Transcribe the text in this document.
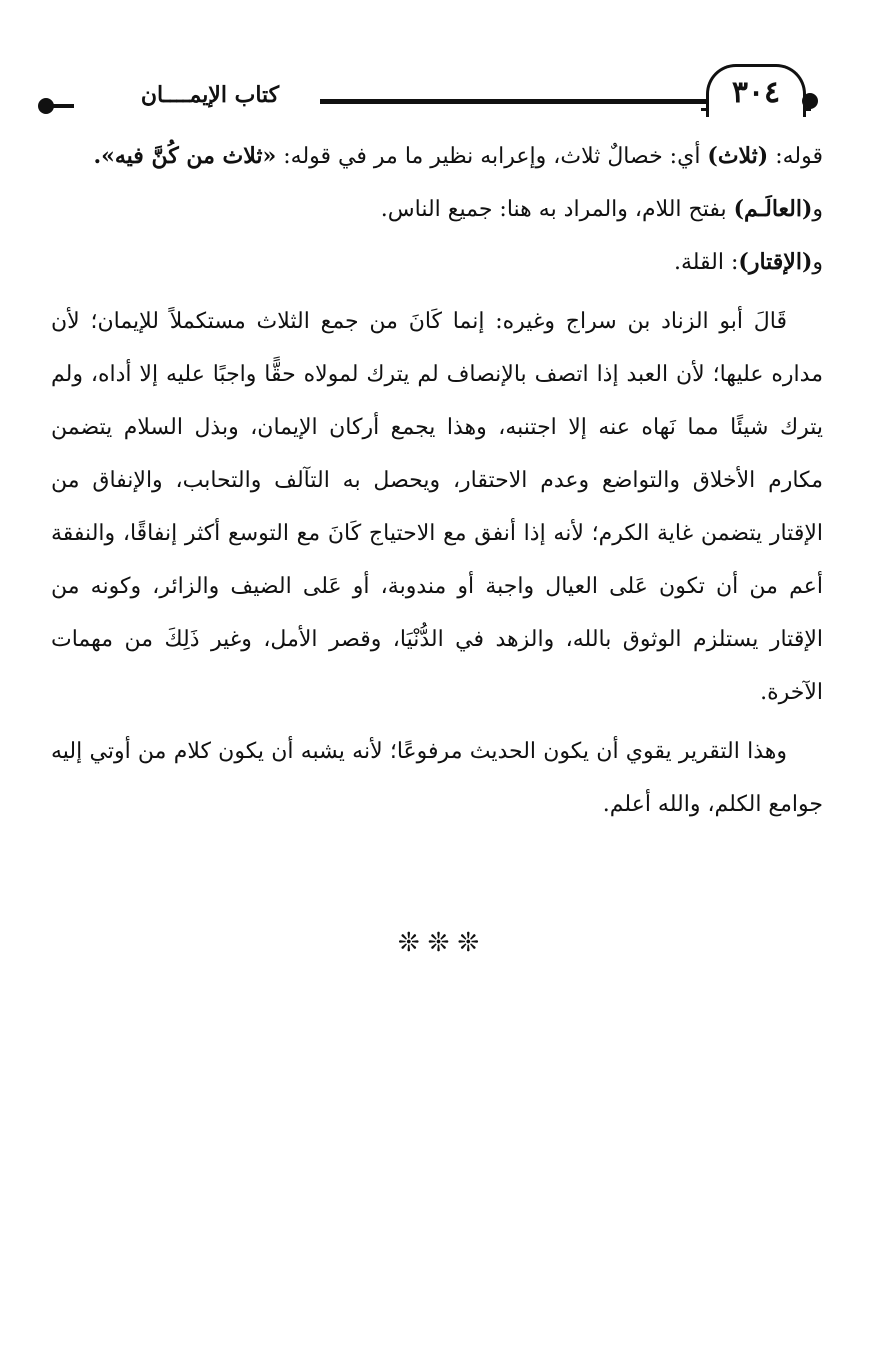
كتاب الإيمــــان	٣٠٤

قوله: (ثلاث) أي: خصالٌ ثلاث، وإعرابه نظير ما مر في قوله: «ثلاث من كُنَّ فيه».

و(العالَـم) بفتح اللام، والمراد به هنا: جميع الناس.

و(الإقتار): القلة.

قَالَ أبو الزناد بن سراج وغيره: إنما كَانَ من جمع الثلاث مستكملاً للإيمان؛ لأن مداره عليها؛ لأن العبد إذا اتصف بالإنصاف لم يترك لمولاه حقًّا واجبًا عليه إلا أداه، ولم يترك شيئًا مما نَهاه عنه إلا اجتنبه، وهذا يجمع أركان الإيمان، وبذل السلام يتضمن مكارم الأخلاق والتواضع وعدم الاحتقار، ويحصل به التآلف والتحابب، والإنفاق من الإقتار يتضمن غاية الكرم؛ لأنه إذا أنفق مع الاحتياج كَانَ مع التوسع أكثر إنفاقًا، والنفقة أعم من أن تكون عَلى العيال واجبة أو مندوبة، أو عَلى الضيف والزائر، وكونه من الإقتار يستلزم الوثوق بالله، والزهد في الدُّنْيَا، وقصر الأمل، وغير ذَلِكَ من مهمات الآخرة.

وهذا التقرير يقوي أن يكون الحديث مرفوعًا؛ لأنه يشبه أن يكون كلام من أوتي إليه جوامع الكلم، والله أعلم.

❊❊❊
